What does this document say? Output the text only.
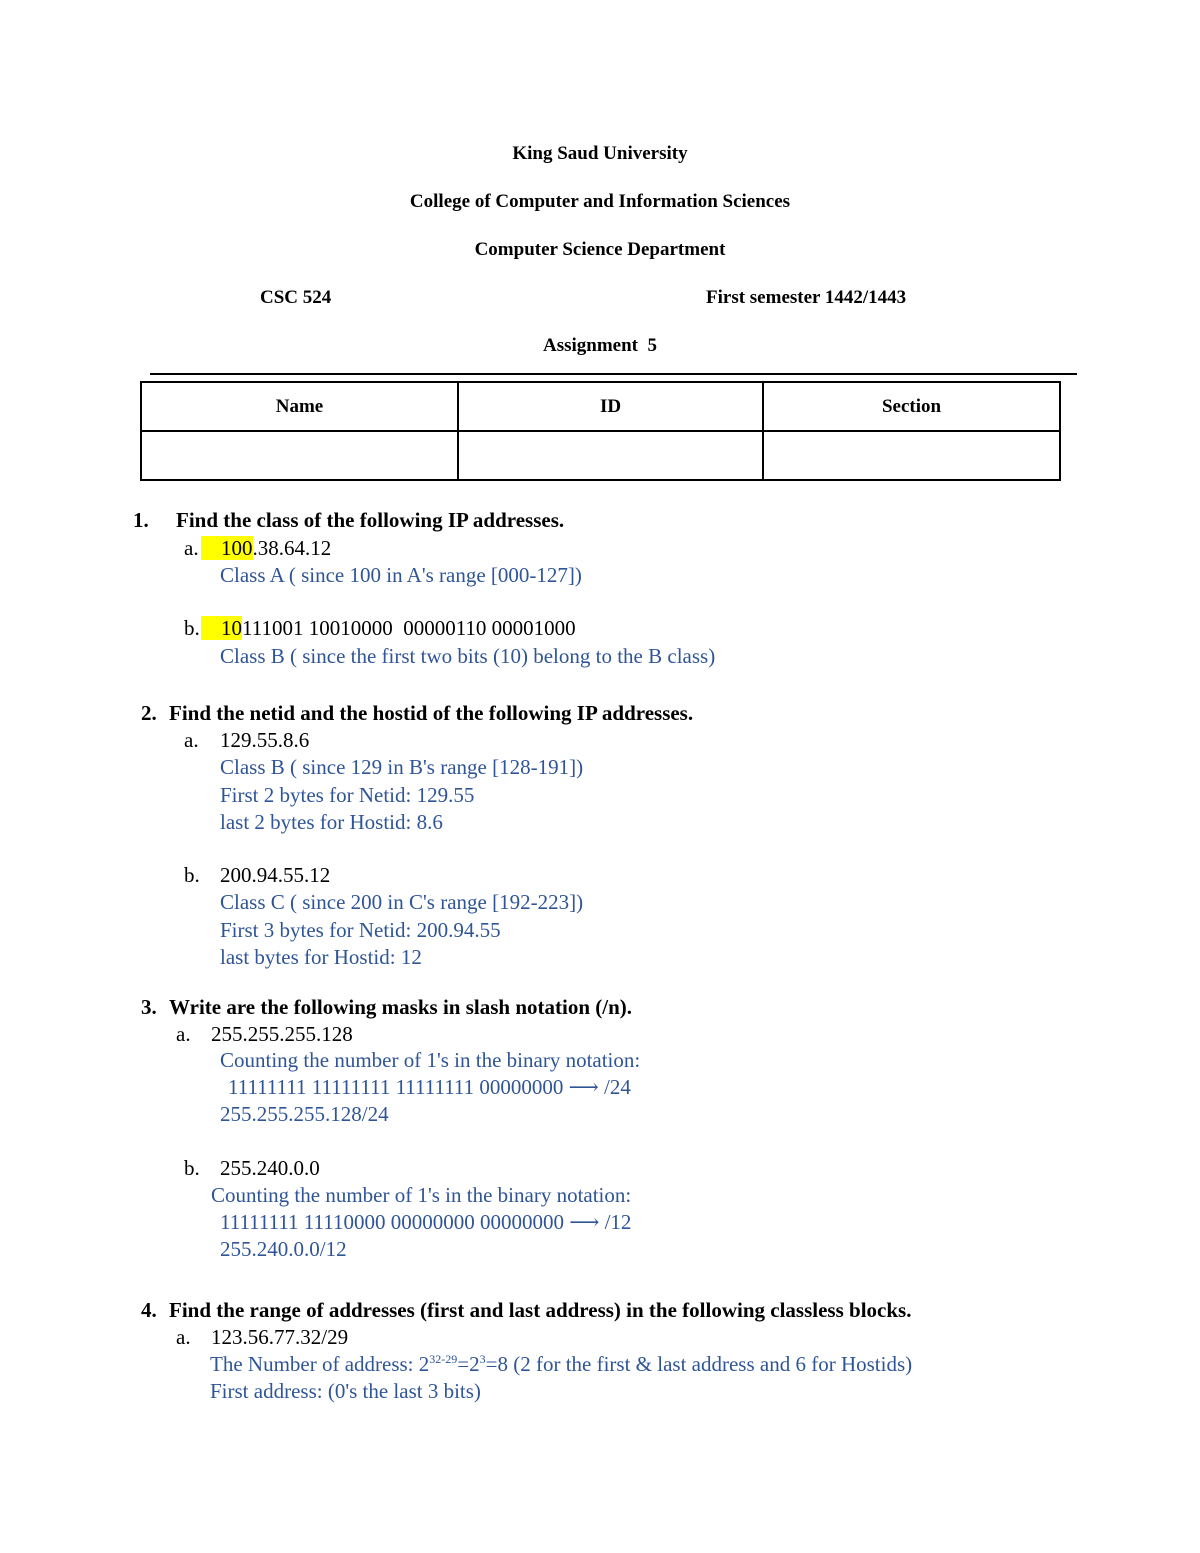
King Saud University
College of Computer and Information Sciences
Computer Science Department
CSC 524	First semester 1442/1443
Assignment  5
Name	ID	Section

1. Find the class of the following IP addresses.
a.	100.38.64.12
Class A ( since 100 in A's range [000-127])
b.	10111001 10010000  00000110 00001000
Class B ( since the first two bits (10) belong to the B class)
2. Find the netid and the hostid of the following IP addresses.
a. 129.55.8.6
Class B ( since 129 in B's range [128-191])
First 2 bytes for Netid: 129.55
last 2 bytes for Hostid: 8.6
b. 200.94.55.12
Class C ( since 200 in C's range [192-223])
First 3 bytes for Netid: 200.94.55
last bytes for Hostid: 12
3. Write are the following masks in slash notation (/n).
a. 255.255.255.128
Counting the number of 1's in the binary notation:
11111111 11111111 11111111 00000000 ⟶ /24
255.255.255.128/24
b. 255.240.0.0
Counting the number of 1's in the binary notation:
11111111 11110000 00000000 00000000 ⟶ /12
255.240.0.0/12
4. Find the range of addresses (first and last address) in the following classless blocks.
a. 123.56.77.32/29
The Number of address: $2^{32-29}=2^3=8$ (2 for the first & last address and 6 for Hostids)
First address: (0's the last 3 bits)
